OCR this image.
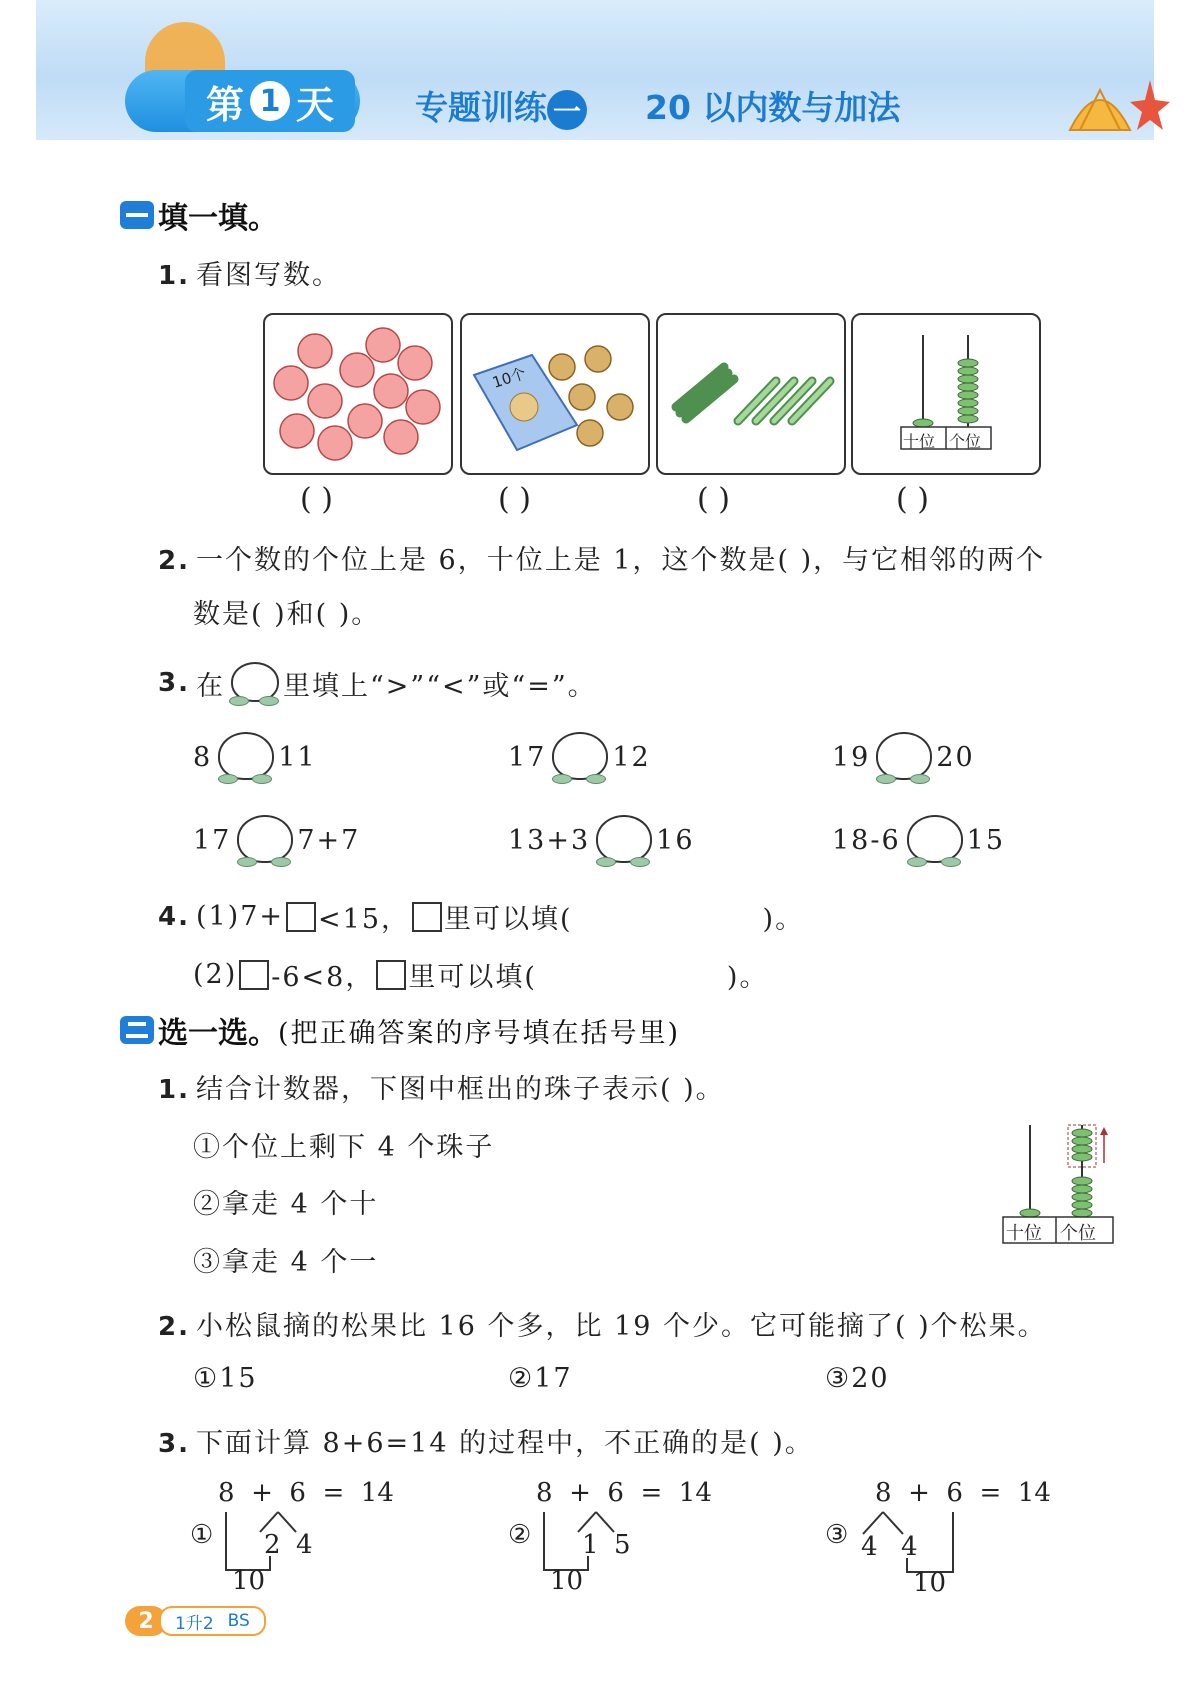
第 1 天 专题训练 一 20 以内数与加法
填一填。
1. 看图写数。
10个
十位 个位
( )	( )	( )	( )
2. 一个数的个位上是 6，十位上是 1，这个数是( )，与它相邻的两个
数是( )和( )。
3. 在 里填上“>”“<”或“=”。
8 11	17 12	19 20
17 7+7	13+3 16	18-6 15
4. (1)7+ <15， 里可以填(	)。
(2) -6<8， 里可以填(	)。
选一选。 (把正确答案的序号填在括号里)
1. 结合计数器，下图中框出的珠子表示( )。
①个位上剩下 4 个珠子
②拿走 4 个十
③拿走 4 个一
十位 个位
2. 小松鼠摘的松果比 16 个多，比 19 个少。它可能摘了( )个松果。
①15	②17	③20
3. 下面计算 8+6=14 的过程中，不正确的是( )。
8  +  6  =  14
① 2 4
10
8  +  6  =  14
② 1 5
10
8  +  6  =  14
③ 4 4
10
2	1升2 BS
